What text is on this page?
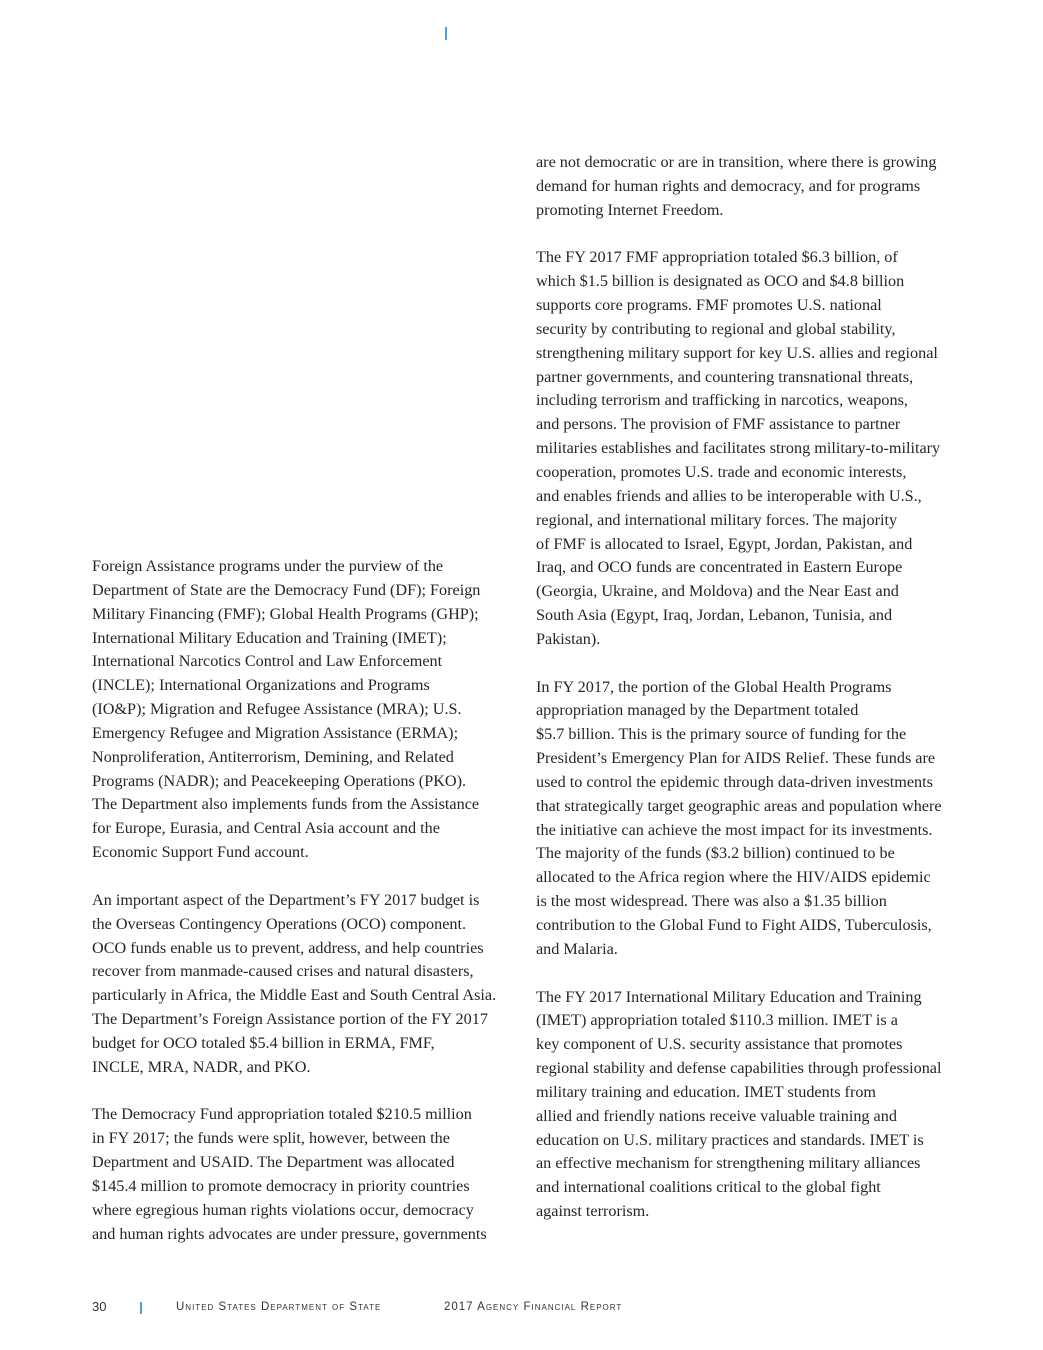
Foreign Assistance programs under the purview of the
Department of State are the Democracy Fund (DF); Foreign
Military Financing (FMF); Global Health Programs (GHP);
International Military Education and Training (IMET);
International Narcotics Control and Law Enforcement
(INCLE); International Organizations and Programs
(IO&P); Migration and Refugee Assistance (MRA); U.S.
Emergency Refugee and Migration Assistance (ERMA);
Nonproliferation, Antiterrorism, Demining, and Related
Programs (NADR); and Peacekeeping Operations (PKO).
The Department also implements funds from the Assistance
for Europe, Eurasia, and Central Asia account and the
Economic Support Fund account.

An important aspect of the Department’s FY 2017 budget is
the Overseas Contingency Operations (OCO) component.
OCO funds enable us to prevent, address, and help countries
recover from manmade-caused crises and natural disasters,
particularly in Africa, the Middle East and South Central Asia.
The Department’s Foreign Assistance portion of the FY 2017
budget for OCO totaled $5.4 billion in ERMA, FMF,
INCLE, MRA, NADR, and PKO.

The Democracy Fund appropriation totaled $210.5 million
in FY 2017; the funds were split, however, between the
Department and USAID. The Department was allocated
$145.4 million to promote democracy in priority countries
where egregious human rights violations occur, democracy
and human rights advocates are under pressure, governments

are not democratic or are in transition, where there is growing
demand for human rights and democracy, and for programs
promoting Internet Freedom.

The FY 2017 FMF appropriation totaled $6.3 billion, of
which $1.5 billion is designated as OCO and $4.8 billion
supports core programs. FMF promotes U.S. national
security by contributing to regional and global stability,
strengthening military support for key U.S. allies and regional
partner governments, and countering transnational threats,
including terrorism and trafficking in narcotics, weapons,
and persons. The provision of FMF assistance to partner
militaries establishes and facilitates strong military-to-military
cooperation, promotes U.S. trade and economic interests,
and enables friends and allies to be interoperable with U.S.,
regional, and international military forces. The majority
of FMF is allocated to Israel, Egypt, Jordan, Pakistan, and
Iraq, and OCO funds are concentrated in Eastern Europe
(Georgia, Ukraine, and Moldova) and the Near East and
South Asia (Egypt, Iraq, Jordan, Lebanon, Tunisia, and
Pakistan).

In FY 2017, the portion of the Global Health Programs
appropriation managed by the Department totaled
$5.7 billion. This is the primary source of funding for the
President’s Emergency Plan for AIDS Relief. These funds are
used to control the epidemic through data-driven investments
that strategically target geographic areas and population where
the initiative can achieve the most impact for its investments.
The majority of the funds ($3.2 billion) continued to be
allocated to the Africa region where the HIV/AIDS epidemic
is the most widespread. There was also a $1.35 billion
contribution to the Global Fund to Fight AIDS, Tuberculosis,
and Malaria.

The FY 2017 International Military Education and Training
(IMET) appropriation totaled $110.3 million. IMET is a
key component of U.S. security assistance that promotes
regional stability and defense capabilities through professional
military training and education. IMET students from
allied and friendly nations receive valuable training and
education on U.S. military practices and standards. IMET is
an effective mechanism for strengthening military alliances
and international coalitions critical to the global fight
against terrorism.

30	United States Department of State	2017 Agency Financial Report
